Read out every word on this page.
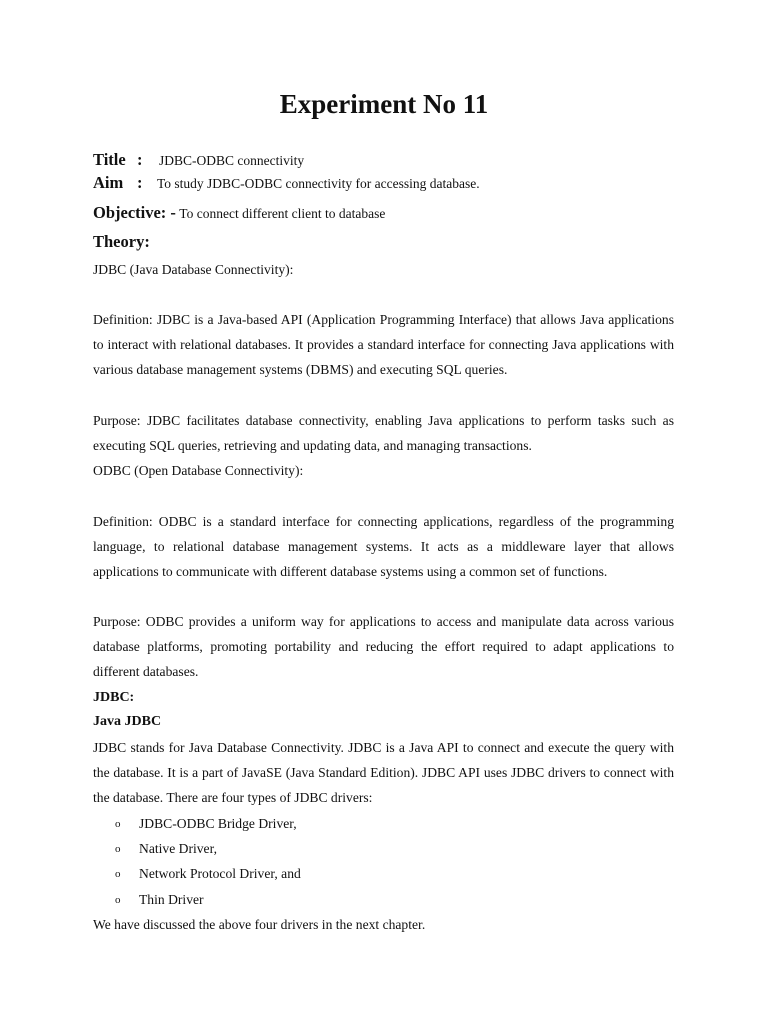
Experiment No 11
Title : JDBC-ODBC connectivity
Aim : To study JDBC-ODBC connectivity for accessing database.
Objective: - To connect different client to database
Theory:
JDBC (Java Database Connectivity):
Definition: JDBC is a Java-based API (Application Programming Interface) that allows Java applications to interact with relational databases. It provides a standard interface for connecting Java applications with various database management systems (DBMS) and executing SQL queries.
Purpose: JDBC facilitates database connectivity, enabling Java applications to perform tasks such as executing SQL queries, retrieving and updating data, and managing transactions.
ODBC (Open Database Connectivity):
Definition: ODBC is a standard interface for connecting applications, regardless of the programming language, to relational database management systems. It acts as a middleware layer that allows applications to communicate with different database systems using a common set of functions.
Purpose: ODBC provides a uniform way for applications to access and manipulate data across various database platforms, promoting portability and reducing the effort required to adapt applications to different databases.
JDBC:
Java JDBC
JDBC stands for Java Database Connectivity. JDBC is a Java API to connect and execute the query with the database. It is a part of JavaSE (Java Standard Edition). JDBC API uses JDBC drivers to connect with the database. There are four types of JDBC drivers:
o JDBC-ODBC Bridge Driver,
o Native Driver,
o Network Protocol Driver, and
o Thin Driver
We have discussed the above four drivers in the next chapter.
